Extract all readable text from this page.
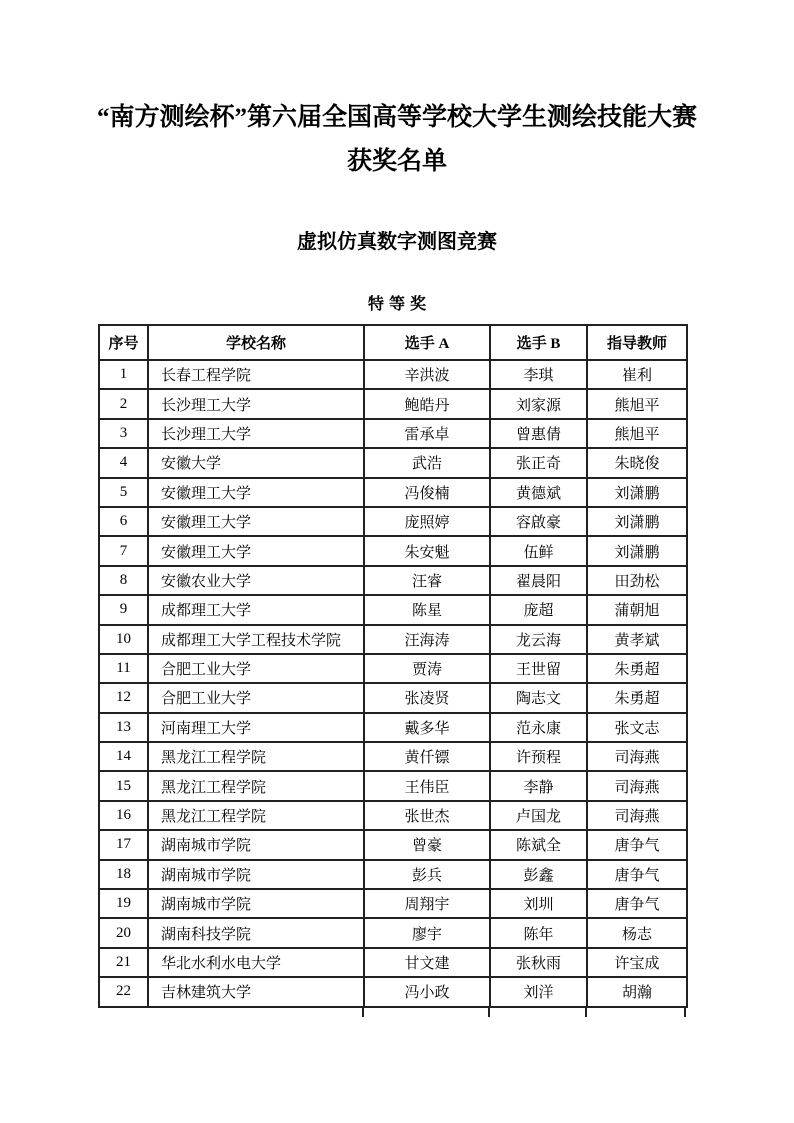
“南方测绘杯”第六届全国高等学校大学生测绘技能大赛
获奖名单
虚拟仿真数字测图竞赛
特等奖
序号	学校名称	选手 A	选手 B	指导教师
1	长春工程学院	辛洪波	李琪	崔利
2	长沙理工大学	鲍皓丹	刘家源	熊旭平
3	长沙理工大学	雷承卓	曾惠倩	熊旭平
4	安徽大学	武浩	张正奇	朱晓俊
5	安徽理工大学	冯俊楠	黄德斌	刘潇鹏
6	安徽理工大学	庞照婷	容啟豪	刘潇鹏
7	安徽理工大学	朱安魁	伍鲜	刘潇鹏
8	安徽农业大学	汪睿	翟晨阳	田劲松
9	成都理工大学	陈星	庞超	蒲朝旭
10	成都理工大学工程技术学院	汪海涛	龙云海	黄孝斌
11	合肥工业大学	贾涛	王世留	朱勇超
12	合肥工业大学	张凌贤	陶志文	朱勇超
13	河南理工大学	戴多华	范永康	张文志
14	黑龙江工程学院	黄仟镖	许预程	司海燕
15	黑龙江工程学院	王伟臣	李静	司海燕
16	黑龙江工程学院	张世杰	卢国龙	司海燕
17	湖南城市学院	曾豪	陈斌全	唐争气
18	湖南城市学院	彭兵	彭鑫	唐争气
19	湖南城市学院	周翔宇	刘圳	唐争气
20	湖南科技学院	廖宇	陈年	杨志
21	华北水利水电大学	甘文建	张秋雨	许宝成
22	吉林建筑大学	冯小政	刘洋	胡瀚
